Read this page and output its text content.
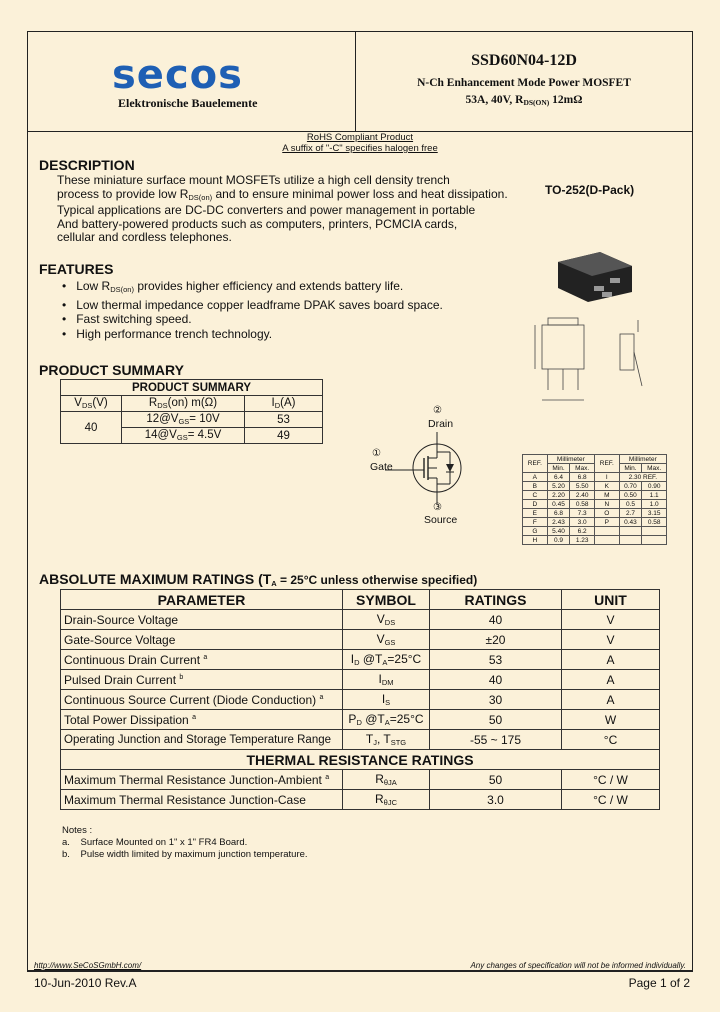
secos
Elektronische Bauelemente
SSD60N04-12D
N-Ch Enhancement Mode Power MOSFET
53A, 40V, $R_{DS(ON)}$ 12mΩ
RoHS Compliant Product
A suffix of "-C" specifies halogen free
DESCRIPTION
These miniature surface mount MOSFETs utilize a high cell density trench
process to provide low $R_{DS(on)}$ and to ensure minimal power loss and heat dissipation.
Typical applications are DC-DC converters and power management in portable
And battery-powered products such as computers, printers, PCMCIA cards,
cellular and cordless telephones.
TO-252(D-Pack)
FEATURES
•   Low $R_{DS(on)}$ provides higher efficiency and extends battery life.
•   Low thermal impedance copper leadframe DPAK saves board space.
•   Fast switching speed.
•   High performance trench technology.
PRODUCT SUMMARY
PRODUCT SUMMARY		
$V_{DS}(V)$	$R_{DS}(on)$ m(Ω)	$I_D(A)$
40	$12@V_{GS}= 10V$	53
	$14@V_{GS}= 4.5V$	49
②
Drain
①
Gate
③
Source
REF.	Millimeter		REF.	Millimeter	
	Min.	Max.		Min.	Max.
A	6.4	6.8	I	2.30 REF.	
B	5.20	5.50	K	0.70	0.90
C	2.20	2.40	M	0.50	1.1
D	0.45	0.58	N	0.5	1.0
E	6.8	7.3	O	2.7	3.15
F	2.43	3.0	P	0.43	0.58
G	5.40	6.2			
H	0.9	1.23			
ABSOLUTE MAXIMUM RATINGS ($T_A = 25^\circ C$ unless otherwise specified)
PARAMETER	SYMBOL	RATINGS	UNIT
Drain-Source Voltage	$V_{DS}$	40	V
Gate-Source Voltage	$V_{GS}$	±20	V
Continuous Drain Current $^a$	$I_D$ $@T_A=25^\circ C$	53	A
Pulsed Drain Current $^b$	$I_{DM}$	40	A
Continuous Source Current (Diode Conduction) $^a$	$I_S$	30	A
Total Power Dissipation $^a$	$P_D$ $@T_A=25^\circ C$	50	W
Operating Junction and Storage Temperature Range	$T_J$, $T_{STG}$	-55 ~ 175	°C
THERMAL RESISTANCE RATINGS			
Maximum Thermal Resistance Junction-Ambient $^a$	$R_{\theta JA}$	50	°C / W
Maximum Thermal Resistance Junction-Case	$R_{\theta JC}$	3.0	°C / W
Notes :
a. Surface Mounted on 1" x 1" FR4 Board.
b. Pulse width limited by maximum junction temperature.
http://www.SeCoSGmbH.com/	Any changes of specification will not be informed individually.
10-Jun-2010 Rev.A	Page 1 of 2
